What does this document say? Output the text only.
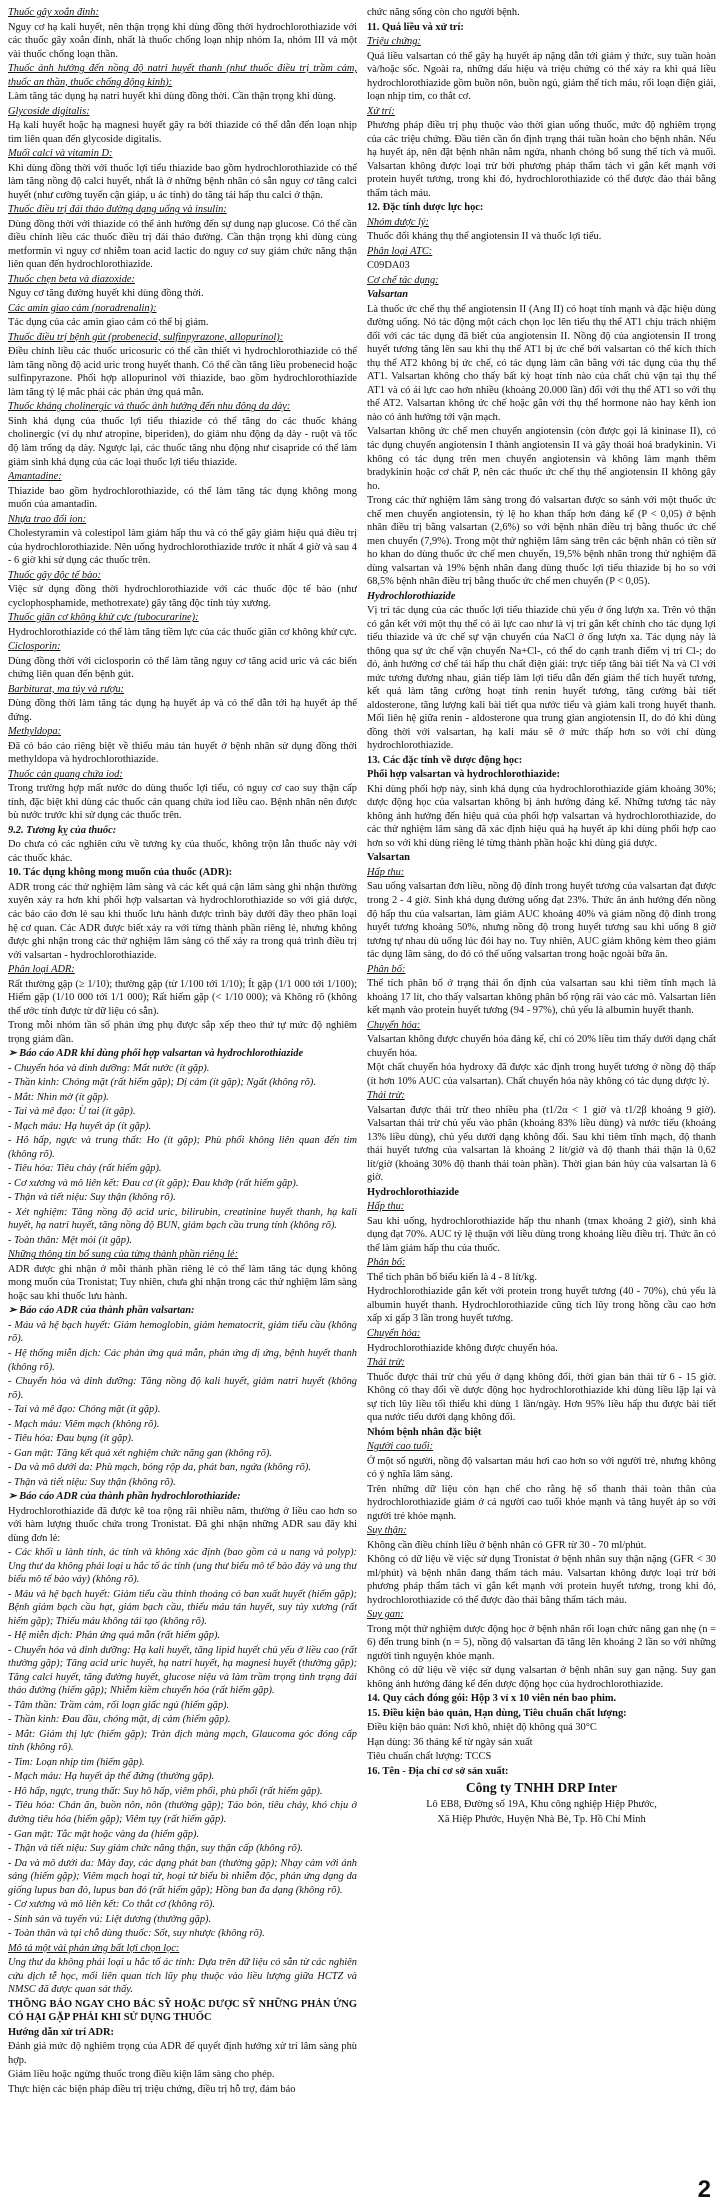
Thuốc gây xoắn đỉnh:

Nguy cơ hạ kali huyết, nên thận trọng khi dùng đồng thời hydrochlorothiazide với các thuốc gây xoắn đỉnh, nhất là thuốc chống loạn nhịp nhóm Ia, nhóm III và một vài thuốc chống loạn thần.

Thuốc ảnh hưởng đến nồng độ natri huyết thanh (như thuốc điều trị trầm cảm, thuốc an thần, thuốc chống động kinh):

Làm tăng tác dụng hạ natri huyết khi dùng đồng thời. Cần thận trọng khi dùng.

Glycoside digitalis:

Hạ kali huyết hoặc hạ magnesi huyết gây ra bởi thiazide có thể dẫn đến loạn nhịp tim liên quan đến glycoside digitalis.

Muối calci và vitamin D:

Khi dùng đồng thời với thuốc lợi tiểu thiazide bao gồm hydrochlorothiazide có thể làm tăng nồng độ calci huyết, nhất là ở những bệnh nhân có sẵn nguy cơ tăng calci huyết (như cường tuyến cận giáp, u ác tính) do tăng tái hấp thu calci ở thận.

Thuốc điều trị đái tháo đường dạng uống và insulin:

Dùng đồng thời với thiazide có thể ảnh hưởng đến sự dung nạp glucose. Có thể cần điều chỉnh liều các thuốc điều trị đái tháo đường. Cần thận trọng khi dùng cùng metformin vì nguy cơ nhiễm toan acid lactic do nguy cơ suy giảm chức năng thận liên quan đến hydrochlorothiazide.

Thuốc chẹn beta và diazoxide:

Nguy cơ tăng đường huyết khi dùng đồng thời.

Các amin giao cảm (noradrenalin):

Tác dụng của các amin giao cảm có thể bị giảm.

Thuốc điều trị bệnh gút (probenecid, sulfinpyrazone, allopurinol):

Điều chỉnh liều các thuốc uricosuric có thể cần thiết vì hydrochlorothiazide có thể làm tăng nồng độ acid uric trong huyết thanh. Có thể cần tăng liều probenecid hoặc sulfinpyrazone. Phối hợp allopurinol với thiazide, bao gồm hydrochlorothiazide làm tăng tỷ lệ mắc phải các phản ứng quá mẫn.

Thuốc kháng cholinergic và thuốc ảnh hưởng đến nhu động dạ dày:

Sinh khả dụng của thuốc lợi tiểu thiazide có thể tăng do các thuốc kháng cholinergic (ví dụ như atropine, biperiden), do giảm nhu động dạ dày - ruột và tốc độ làm trống dạ dày. Ngược lại, các thuốc tăng nhu động như cisapride có thể làm giảm sinh khả dụng của các loại thuốc lợi tiểu thiazide.

Amantadine:

Thiazide bao gồm hydrochlorothiazide, có thể làm tăng tác dụng không mong muốn của amantadin.

Nhựa trao đổi ion:

Cholestyramin và colestipol làm giảm hấp thu và có thể gây giảm hiệu quả điều trị của hydrochlorothiazide. Nên uống hydrochlorothiazide trước ít nhất 4 giờ và sau 4 - 6 giờ khi sử dụng các thuốc trên.

Thuốc gây độc tế bào:

Việc sử dụng đồng thời hydrochlorothiazide với các thuốc độc tế bào (như cyclophosphamide, methotrexate) gây tăng độc tính tủy xương.

Thuốc giãn cơ không khử cực (tubocurarine):

Hydrochlorothiazide có thể làm tăng tiềm lực của các thuốc giãn cơ không khử cực.

Ciclosporin:

Dùng đồng thời với ciclosporin có thể làm tăng nguy cơ tăng acid uric và các biến chứng liên quan đến bệnh gút.

Barbiturat, ma túy và rượu:

Dùng đồng thời làm tăng tác dụng hạ huyết áp và có thể dẫn tới hạ huyết áp thế đứng.

Methyldopa:

Đã có báo cáo riêng biệt về thiếu máu tán huyết ở bệnh nhân sử dụng đồng thời methyldopa và hydrochlorothiazide.

Thuốc cản quang chứa iod:

Trong trường hợp mất nước do dùng thuốc lợi tiểu, có nguy cơ cao suy thận cấp tính, đặc biệt khi dùng các thuốc cản quang chứa iod liều cao. Bệnh nhân nên được bù nước trước khi sử dụng các thuốc trên.

9.2. Tương kỵ của thuốc:

Do chưa có các nghiên cứu về tương kỵ của thuốc, không trộn lẫn thuốc này với các thuốc khác.

10. Tác dụng không mong muốn của thuốc (ADR):

ADR trong các thử nghiệm lâm sàng và các kết quả cận lâm sàng ghi nhận thường xuyên xảy ra hơn khi phối hợp valsartan và hydrochlorothiazide so với giả dược, các báo cáo đơn lẻ sau khi thuốc lưu hành được trình bày dưới đây theo phân loại hệ cơ quan. Các ADR được biết xảy ra với từng thành phần riêng lẻ, nhưng không được ghi nhận trong các thử nghiệm lâm sàng có thể xảy ra trong quá trình điều trị với valsartan - hydrochlorothiazide.

Phân loại ADR:

Rất thường gặp (≥ 1/10); thường gặp (từ 1/100 tới 1/10); Ít gặp (1/1 000 tới 1/100); Hiếm gặp (1/10 000 tới 1/1 000); Rất hiếm gặp (< 1/10 000); và Không rõ (không thể ước tính được từ dữ liệu có sẵn).

Trong mỗi nhóm tần số phản ứng phụ được sắp xếp theo thứ tự mức độ nghiêm trọng giảm dần.

➢ Báo cáo ADR khi dùng phối hợp valsartan và hydrochlorothiazide

- Chuyển hóa và dinh dưỡng: Mất nước (ít gặp).

- Thần kinh: Chóng mặt (rất hiếm gặp); Dị cảm (ít gặp); Ngất (không rõ).

- Mắt: Nhìn mờ (ít gặp).

- Tai và mê đạo: Ù tai (ít gặp).

- Mạch máu: Hạ huyết áp (ít gặp).

- Hô hấp, ngực và trung thất: Ho (ít gặp); Phù phổi không liên quan đến tim (không rõ).

- Tiêu hóa: Tiêu chảy (rất hiếm gặp).

- Cơ xương và mô liên kết: Đau cơ (ít gặp); Đau khớp (rất hiếm gặp).

- Thận và tiết niệu: Suy thận (không rõ).

- Xét nghiệm: Tăng nồng độ acid uric, bilirubin, creatinine huyết thanh, hạ kali huyết, hạ natri huyết, tăng nồng độ BUN, giảm bạch cầu trung tính (không rõ).

- Toàn thân: Mệt mỏi (ít gặp).

Những thông tin bổ sung của từng thành phần riêng lẻ:

ADR được ghi nhận ở mỗi thành phần riêng lẻ có thể làm tăng tác dụng không mong muốn của Tronistat; Tuy nhiên, chưa ghi nhận trong các thử nghiệm lâm sàng hoặc sau khi thuốc lưu hành.

➢ Báo cáo ADR của thành phần valsartan:

- Máu và hệ bạch huyết: Giảm hemoglobin, giảm hematocrit, giảm tiểu cầu (không rõ).

- Hệ thống miễn dịch: Các phản ứng quá mẫn, phản ứng dị ứng, bệnh huyết thanh (không rõ).

- Chuyển hóa và dinh dưỡng: Tăng nồng độ kali huyết, giảm natri huyết (không rõ).

- Tai và mê đạo: Chóng mặt (ít gặp).

- Mạch máu: Viêm mạch (không rõ).

- Tiêu hóa: Đau bụng (ít gặp).

- Gan mật: Tăng kết quả xét nghiệm chức năng gan (không rõ).

- Da và mô dưới da: Phù mạch, bóng rộp da, phát ban, ngứa (không rõ).

- Thận và tiết niệu: Suy thận (không rõ).

➢ Báo cáo ADR của thành phần hydrochlorothiazide:

Hydrochlorothiazide đã được kê toa rộng rãi nhiều năm, thường ở liều cao hơn so với hàm lượng thuốc chứa trong Tronistat. Đã ghi nhận những ADR sau đây khi dùng đơn lẻ:

- Các khối u lành tính, ác tính và không xác định (bao gồm cả u nang và polyp): Ung thư da không phải loại u hắc tố ác tính (ung thư biểu mô tế bào đáy và ung thư biểu mô tế bào vảy) (không rõ).

- Máu và hệ bạch huyết: Giảm tiểu cầu thỉnh thoảng có ban xuất huyết (hiếm gặp); Bệnh giảm bạch cầu hạt, giảm bạch cầu, thiếu máu tán huyết, suy tủy xương (rất hiếm gặp); Thiếu máu không tái tạo (không rõ).

- Hệ miễn dịch: Phản ứng quá mẫn (rất hiếm gặp).

- Chuyển hóa và dinh dưỡng: Hạ kali huyết, tăng lipid huyết chủ yếu ở liều cao (rất thường gặp); Tăng acid uric huyết, hạ natri huyết, hạ magnesi huyết (thường gặp); Tăng calci huyết, tăng đường huyết, glucose niệu và làm trầm trọng tình trạng đái tháo đường (hiếm gặp); Nhiễm kiềm chuyển hóa (rất hiếm gặp).

- Tâm thần: Trầm cảm, rối loạn giấc ngủ (hiếm gặp).

- Thần kinh: Đau đầu, chóng mặt, dị cảm (hiếm gặp).

- Mắt: Giảm thị lực (hiếm gặp); Tràn dịch màng mạch, Glaucoma góc đóng cấp tính (không rõ).

- Tim: Loạn nhịp tim (hiếm gặp).

- Mạch máu: Hạ huyết áp thế đứng (thường gặp).

- Hô hấp, ngực, trung thất: Suy hô hấp, viêm phổi, phù phổi (rất hiếm gặp).

- Tiêu hóa: Chán ăn, buồn nôn, nôn (thường gặp); Táo bón, tiêu chảy, khó chịu ở đường tiêu hóa (hiếm gặp); Viêm tụy (rất hiếm gặp).

- Gan mật: Tắc mật hoặc vàng da (hiếm gặp).

- Thận và tiết niệu: Suy giảm chức năng thận, suy thận cấp (không rõ).

- Da và mô dưới da: Mày đay, các dạng phát ban (thường gặp); Nhạy cảm với ánh sáng (hiếm gặp); Viêm mạch hoại tử, hoại tử biểu bì nhiễm độc, phản ứng dạng da giống lupus ban đỏ, lupus ban đỏ (rất hiếm gặp); Hồng ban đa dạng (không rõ).

- Cơ xương và mô liên kết: Co thắt cơ (không rõ).

- Sinh sản và tuyến vú: Liệt dương (thường gặp).

- Toàn thân và tại chỗ dùng thuốc: Sốt, suy nhược (không rõ).

Mô tả một vài phản ứng bất lợi chọn lọc:

Ung thư da không phải loại u hắc tố ác tính: Dựa trên dữ liệu có sẵn từ các nghiên cứu dịch tễ học, mối liên quan tích lũy phụ thuộc vào liều lượng giữa HCTZ và NMSC đã được quan sát thấy.

THÔNG BÁO NGAY CHO BÁC SỸ HOẶC DƯỢC SỸ NHỮNG PHẢN ỨNG CÓ HẠI GẶP PHẢI KHI SỬ DỤNG THUỐC

Hướng dẫn xử trí ADR:

Đánh giá mức độ nghiêm trọng của ADR để quyết định hướng xử trí lâm sàng phù hợp.

Giảm liều hoặc ngừng thuốc trong điều kiện lâm sàng cho phép.

Thực hiện các biện pháp điều trị triệu chứng, điều trị hỗ trợ, đảm bảo

chức năng sống còn cho người bệnh.

11. Quá liều và xử trí:

Triệu chứng:

Quá liều valsartan có thể gây hạ huyết áp nặng dẫn tới giảm ý thức, suy tuần hoàn và/hoặc sốc. Ngoài ra, những dấu hiệu và triệu chứng có thể xảy ra khi quá liều hydrochlorothiazide gồm buồn nôn, buồn ngủ, giảm thể tích máu, rối loạn điện giải, loạn nhịp tim, co thắt cơ.

Xử trí:

Phương pháp điều trị phụ thuộc vào thời gian uống thuốc, mức độ nghiêm trọng của các triệu chứng. Đầu tiên cần ổn định trạng thái tuần hoàn cho bệnh nhân. Nếu hạ huyết áp, nên đặt bệnh nhân nằm ngửa, nhanh chóng bổ sung thể tích và muối. Valsartan không được loại trừ bởi phương pháp thẩm tách vì gắn kết mạnh với protein huyết tương, trong khi đó, hydrochlorothiazide có thể được đào thải bằng thẩm tách máu.

12. Đặc tính dược lực học:

Nhóm dược lý:

Thuốc đối kháng thụ thể angiotensin II và thuốc lợi tiểu.

Phân loại ATC:

C09DA03

Cơ chế tác dụng:

Valsartan

Là thuốc ức chế thụ thể angiotensin II (Ang II) có hoạt tính mạnh và đặc hiệu dùng đường uống. Nó tác động một cách chọn lọc lên tiểu thụ thể AT1 chịu trách nhiệm đối với các tác dụng đã biết của angiotensin II. Nồng độ của angiotensin II trong huyết tương tăng lên sau khi thụ thể AT1 bị ức chế bởi valsartan có thể kích thích thụ thể AT2 không bị ức chế, có tác dụng làm cân bằng với tác dụng của thụ thể AT1. Valsartan không cho thấy bất kỳ hoạt tính nào của chất chủ vận tại thụ thể AT1 và có ái lực cao hơn nhiều (khoảng 20.000 lần) đối với thụ thể AT1 so với thụ thể AT2. Valsartan không ức chế hoặc gắn với thụ thể hormone nào hay kênh ion nào có ảnh hưởng tới vận mạch.

Valsartan không ức chế men chuyển angiotensin (còn được gọi là kininase II), có tác dụng chuyển angiotensin I thành angiotensin II và gây thoái hoá bradykinin. Vì không có tác dụng trên men chuyển angiotensin và không làm mạnh thêm bradykinin hoặc cơ chất P, nên các thuốc ức chế thụ thể angiotensin II không gây ho.

Trong các thử nghiệm lâm sàng trong đó valsartan được so sánh với một thuốc ức chế men chuyển angiotensin, tỷ lệ ho khan thấp hơn đáng kể (P < 0,05) ở bệnh nhân điều trị bằng valsartan (2,6%) so với bệnh nhân điều trị bằng thuốc ức chế men chuyển (7,9%). Trong một thử nghiệm lâm sàng trên các bệnh nhân có tiền sử ho khan do dùng thuốc ức chế men chuyển, 19,5% bệnh nhân trong thử nghiệm đã dùng valsartan và 19% bệnh nhân đang dùng thuốc lợi tiểu thiazide bị ho so với 68,5% bệnh nhân điều trị bằng thuốc ức chế men chuyển (P < 0,05).

Hydrochlorothiazide

Vị trí tác dụng của các thuốc lợi tiểu thiazide chủ yếu ở ống lượn xa. Trên vỏ thận có gắn kết với một thụ thể có ái lực cao như là vị trí gắn kết chính cho tác dụng lợi tiểu thiazide và ức chế sự vận chuyển của NaCl ở ống lượn xa. Tác dụng này là thông qua sự ức chế vận chuyển Na+Cl-, có thể do cạnh tranh điểm vị trí Cl-; do đó, ảnh hưởng cơ chế tái hấp thu chất điện giải: trực tiếp tăng bài tiết Na và Cl với mức tương đương nhau, gián tiếp làm lợi tiểu dẫn đến giảm thể tích huyết tương, kết quả làm tăng cường hoạt tính renin huyết tương, tăng cường bài tiết aldosterone, tăng lượng kali bài tiết qua nước tiểu và giảm kali trong huyết thanh. Mối liên hệ giữa renin - aldosterone qua trung gian angiotensin II, do đó khi dùng đồng thời với valsartan, hạ kali máu sẽ ở mức thấp hơn so với chỉ dùng hydrochlorothiazide.

13. Các đặc tính về dược động học:

Phối hợp valsartan và hydrochlorothiazide:

Khi dùng phối hợp này, sinh khả dụng của hydrochlorothiazide giảm khoảng 30%; dược động học của valsartan không bị ảnh hưởng đáng kể. Những tương tác này không ảnh hưởng đến hiệu quả của phối hợp valsartan và hydrochlorothiazide, do các thử nghiệm lâm sàng đã xác định hiệu quả hạ huyết áp khi dùng phối hợp cao hơn so với khi dùng riêng lẻ từng thành phần hoặc khi dùng giả dược.

Valsartan

Hấp thu:

Sau uống valsartan đơn liều, nồng độ đỉnh trong huyết tương của valsartan đạt được trong 2 - 4 giờ. Sinh khả dụng đường uống đạt 23%. Thức ăn ảnh hưởng đến nồng độ hấp thu của valsartan, làm giảm AUC khoảng 40% và giảm nồng độ đỉnh trong huyết tương khoảng 50%, nhưng nồng độ trong huyết tương sau khi uống 8 giờ tương tự nhau dù uống lúc đói hay no. Tuy nhiên, AUC giảm không kèm theo giảm tác dụng lâm sàng, do đó có thể uống valsartan trong hoặc ngoài bữa ăn.

Phân bố:

Thể tích phân bố ở trạng thái ổn định của valsartan sau khi tiêm tĩnh mạch là khoảng 17 lít, cho thấy valsartan không phân bố rộng rãi vào các mô. Valsartan liên kết mạnh vào protein huyết tương (94 - 97%), chủ yếu là albumin huyết thanh.

Chuyển hóa:

Valsartan không được chuyển hóa đáng kể, chỉ có 20% liều tìm thấy dưới dạng chất chuyển hóa.

Một chất chuyển hóa hydroxy đã được xác định trong huyết tương ở nồng độ thấp (ít hơn 10% AUC của valsartan). Chất chuyển hóa này không có tác dụng dược lý.

Thải trừ:

Valsartan được thải trừ theo nhiều pha (t1/2α < 1 giờ và t1/2β khoảng 9 giờ). Valsartan thải trừ chủ yếu vào phân (khoảng 83% liều dùng) và nước tiểu (khoảng 13% liều dùng), chủ yếu dưới dạng không đổi. Sau khi tiêm tĩnh mạch, độ thanh thải huyết tương của valsartan là khoảng 2 lít/giờ và độ thanh thải thận là 0,62 lít/giờ (khoảng 30% độ thanh thải toàn phần). Thời gian bán hủy của valsartan là 6 giờ.

Hydrochlorothiazide

Hấp thu:

Sau khi uống, hydrochlorothiazide hấp thu nhanh (tmax khoảng 2 giờ), sinh khả dụng đạt 70%. AUC tỷ lệ thuận với liều dùng trong khoảng liều điều trị. Thức ăn có thể làm giảm hấp thu của thuốc.

Phân bố:

Thể tích phân bố biểu kiến là 4 - 8 lít/kg.

Hydrochlorothiazide gắn kết với protein trong huyết tương (40 - 70%), chủ yếu là albumin huyết thanh. Hydrochlorothiazide cũng tích lũy trong hồng cầu cao hơn xấp xỉ gấp 3 lần trong huyết tương.

Chuyển hóa:

Hydrochlorothiazide không được chuyển hóa.

Thải trừ:

Thuốc được thải trừ chủ yếu ở dạng không đổi, thời gian bán thải từ 6 - 15 giờ. Không có thay đổi về dược động học hydrochlorothiazide khi dùng liều lặp lại và sự tích lũy liều tối thiểu khi dùng 1 lần/ngày. Hơn 95% liều hấp thu được bài tiết qua nước tiểu dưới dạng không đổi.

Nhóm bệnh nhân đặc biệt

Người cao tuổi:

Ở một số người, nồng độ valsartan máu hơi cao hơn so với người trẻ, nhưng không có ý nghĩa lâm sàng.

Trên những dữ liệu còn hạn chế cho rằng hệ số thanh thải toàn thân của hydrochlorothiazide giảm ở cả người cao tuổi khỏe mạnh và tăng huyết áp so với người trẻ khỏe mạnh.

Suy thận:

Không cần điều chỉnh liều ở bệnh nhân có GFR từ 30 - 70 ml/phút.

Không có dữ liệu về việc sử dụng Tronistat ở bệnh nhân suy thận nặng (GFR < 30 ml/phút) và bệnh nhân đang thẩm tách máu. Valsartan không được loại trừ bởi phương pháp thẩm tách vì gắn kết mạnh với protein huyết tương, trong khi đó, hydrochlorothiazide có thể được đào thải bằng thẩm tách máu.

Suy gan:

Trong một thử nghiệm dược động học ở bệnh nhân rối loạn chức năng gan nhẹ (n = 6) đến trung bình (n = 5), nồng độ valsartan đã tăng lên khoảng 2 lần so với những người tình nguyện khỏe mạnh.

Không có dữ liệu về việc sử dụng valsartan ở bệnh nhân suy gan nặng. Suy gan không ảnh hưởng đáng kể đến dược động học của hydrochlorothiazide.

14. Quy cách đóng gói: Hộp 3 vỉ x 10 viên nén bao phim.

15. Điều kiện bảo quản, Hạn dùng, Tiêu chuẩn chất lượng:

Điều kiện bảo quản: Nơi khô, nhiệt độ không quá 30°C

Hạn dùng: 36 tháng kể từ ngày sản xuất

Tiêu chuẩn chất lượng: TCCS

16. Tên - Địa chỉ cơ sở sản xuất:

Công ty TNHH DRP Inter

Lô EB8, Đường số 19A, Khu công nghiệp Hiệp Phước,

Xã Hiệp Phước, Huyện Nhà Bè, Tp. Hồ Chí Minh

2
